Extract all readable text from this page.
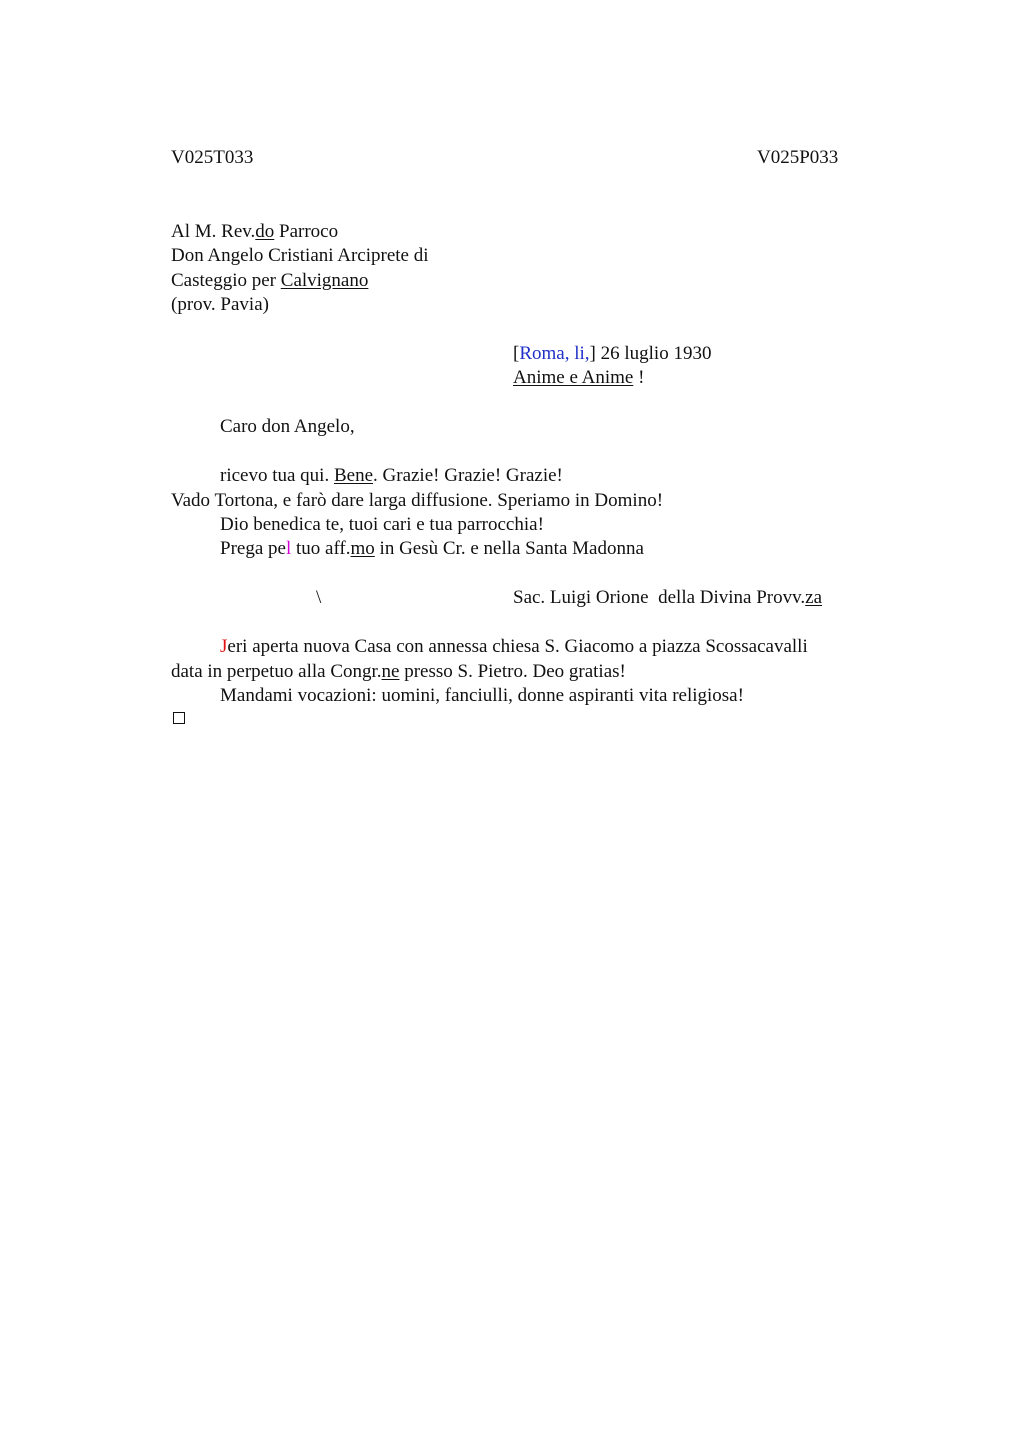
V025T033	V025P033
Al M. Rev.do Parroco
Don Angelo Cristiani Arciprete di
Casteggio per Calvignano
(prov. Pavia)
[Roma, li,] 26 luglio 1930
Anime e Anime !
Caro don Angelo,
ricevo tua qui. Bene. Grazie! Grazie! Grazie!
Vado Tortona, e farò dare larga diffusione. Speriamo in Domino!
Dio benedica te, tuoi cari e tua parrocchia!
Prega pel tuo aff.mo in Gesù Cr. e nella Santa Madonna
\	Sac. Luigi Orione  della Divina Provv.za
Jeri aperta nuova Casa con annessa chiesa S. Giacomo a piazza Scossacavalli
data in perpetuo alla Congr.ne presso S. Pietro. Deo gratias!
Mandami vocazioni: uomini, fanciulli, donne aspiranti vita religiosa!
